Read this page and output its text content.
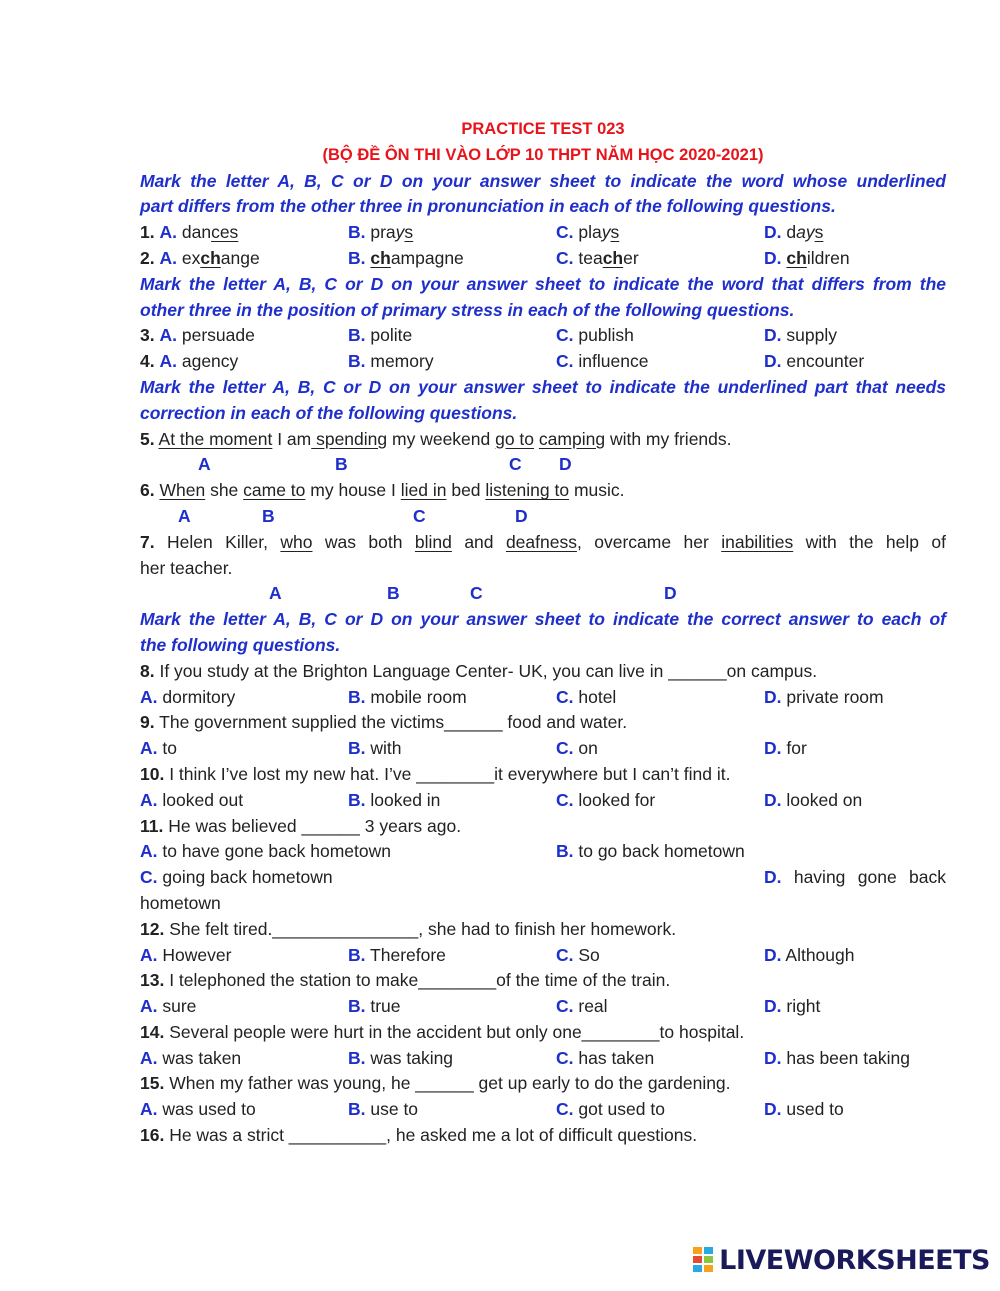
PRACTICE TEST 023
(BỘ ĐỀ ÔN THI VÀO LỚP 10 THPT NĂM HỌC 2020-2021)
Mark the letter A, B, C or D on your answer sheet to indicate the word whose underlined
part differs from the other three in pronunciation in each of the following questions.
1. A. dances	B. prays	C. plays	D. days
2. A. exchange	B. champagne	C. teacher	D. children
Mark the letter A, B, C or D on your answer sheet to indicate the word that differs from the
other three in the position of primary stress in each of the following questions.
3. A. persuade	B. polite	C. publish	D. supply
4. A. agency	B. memory	C. influence	D. encounter
Mark the letter A, B, C or D on your answer sheet to indicate the underlined part that needs
correction in each of the following questions.
5. At the moment I am spending my weekend go to camping with my friends.
A	B	C D
6. When she came to my house I lied in bed listening to music.
A	B	C	D
7. Helen Killer, who was both blind and deafness, overcame her inabilities with the help of
her teacher.
A	B	C	D
Mark the letter A, B, C or D on your answer sheet to indicate the correct answer to each of
the following questions.
8. If you study at the Brighton Language Center- UK, you can live in ______on campus.
A. dormitory	B. mobile room	C. hotel	D. private room
9. The government supplied the victims______ food and water.
A. to	B. with	C. on	D. for
10. I think I’ve lost my new hat. I’ve ________it everywhere but I can’t find it.
A. looked out	B. looked in	C. looked for	D. looked on
11. He was believed ______ 3 years ago.
A. to have gone back hometown	B. to go back hometown
C. going back hometown	D. having gone back
hometown
12. She felt tired._______________, she had to finish her homework.
A. However	B. Therefore	C. So	D. Although
13. I telephoned the station to make________of the time of the train.
A. sure	B. true	C. real	D. right
14. Several people were hurt in the accident but only one________to hospital.
A. was taken	B. was taking	C. has taken	D. has been taking
15. When my father was young, he ______ get up early to do the gardening.
A. was used to	B. use to	C. got used to	D. used to
16. He was a strict __________, he asked me a lot of difficult questions.
LIVEWORKSHEETS
